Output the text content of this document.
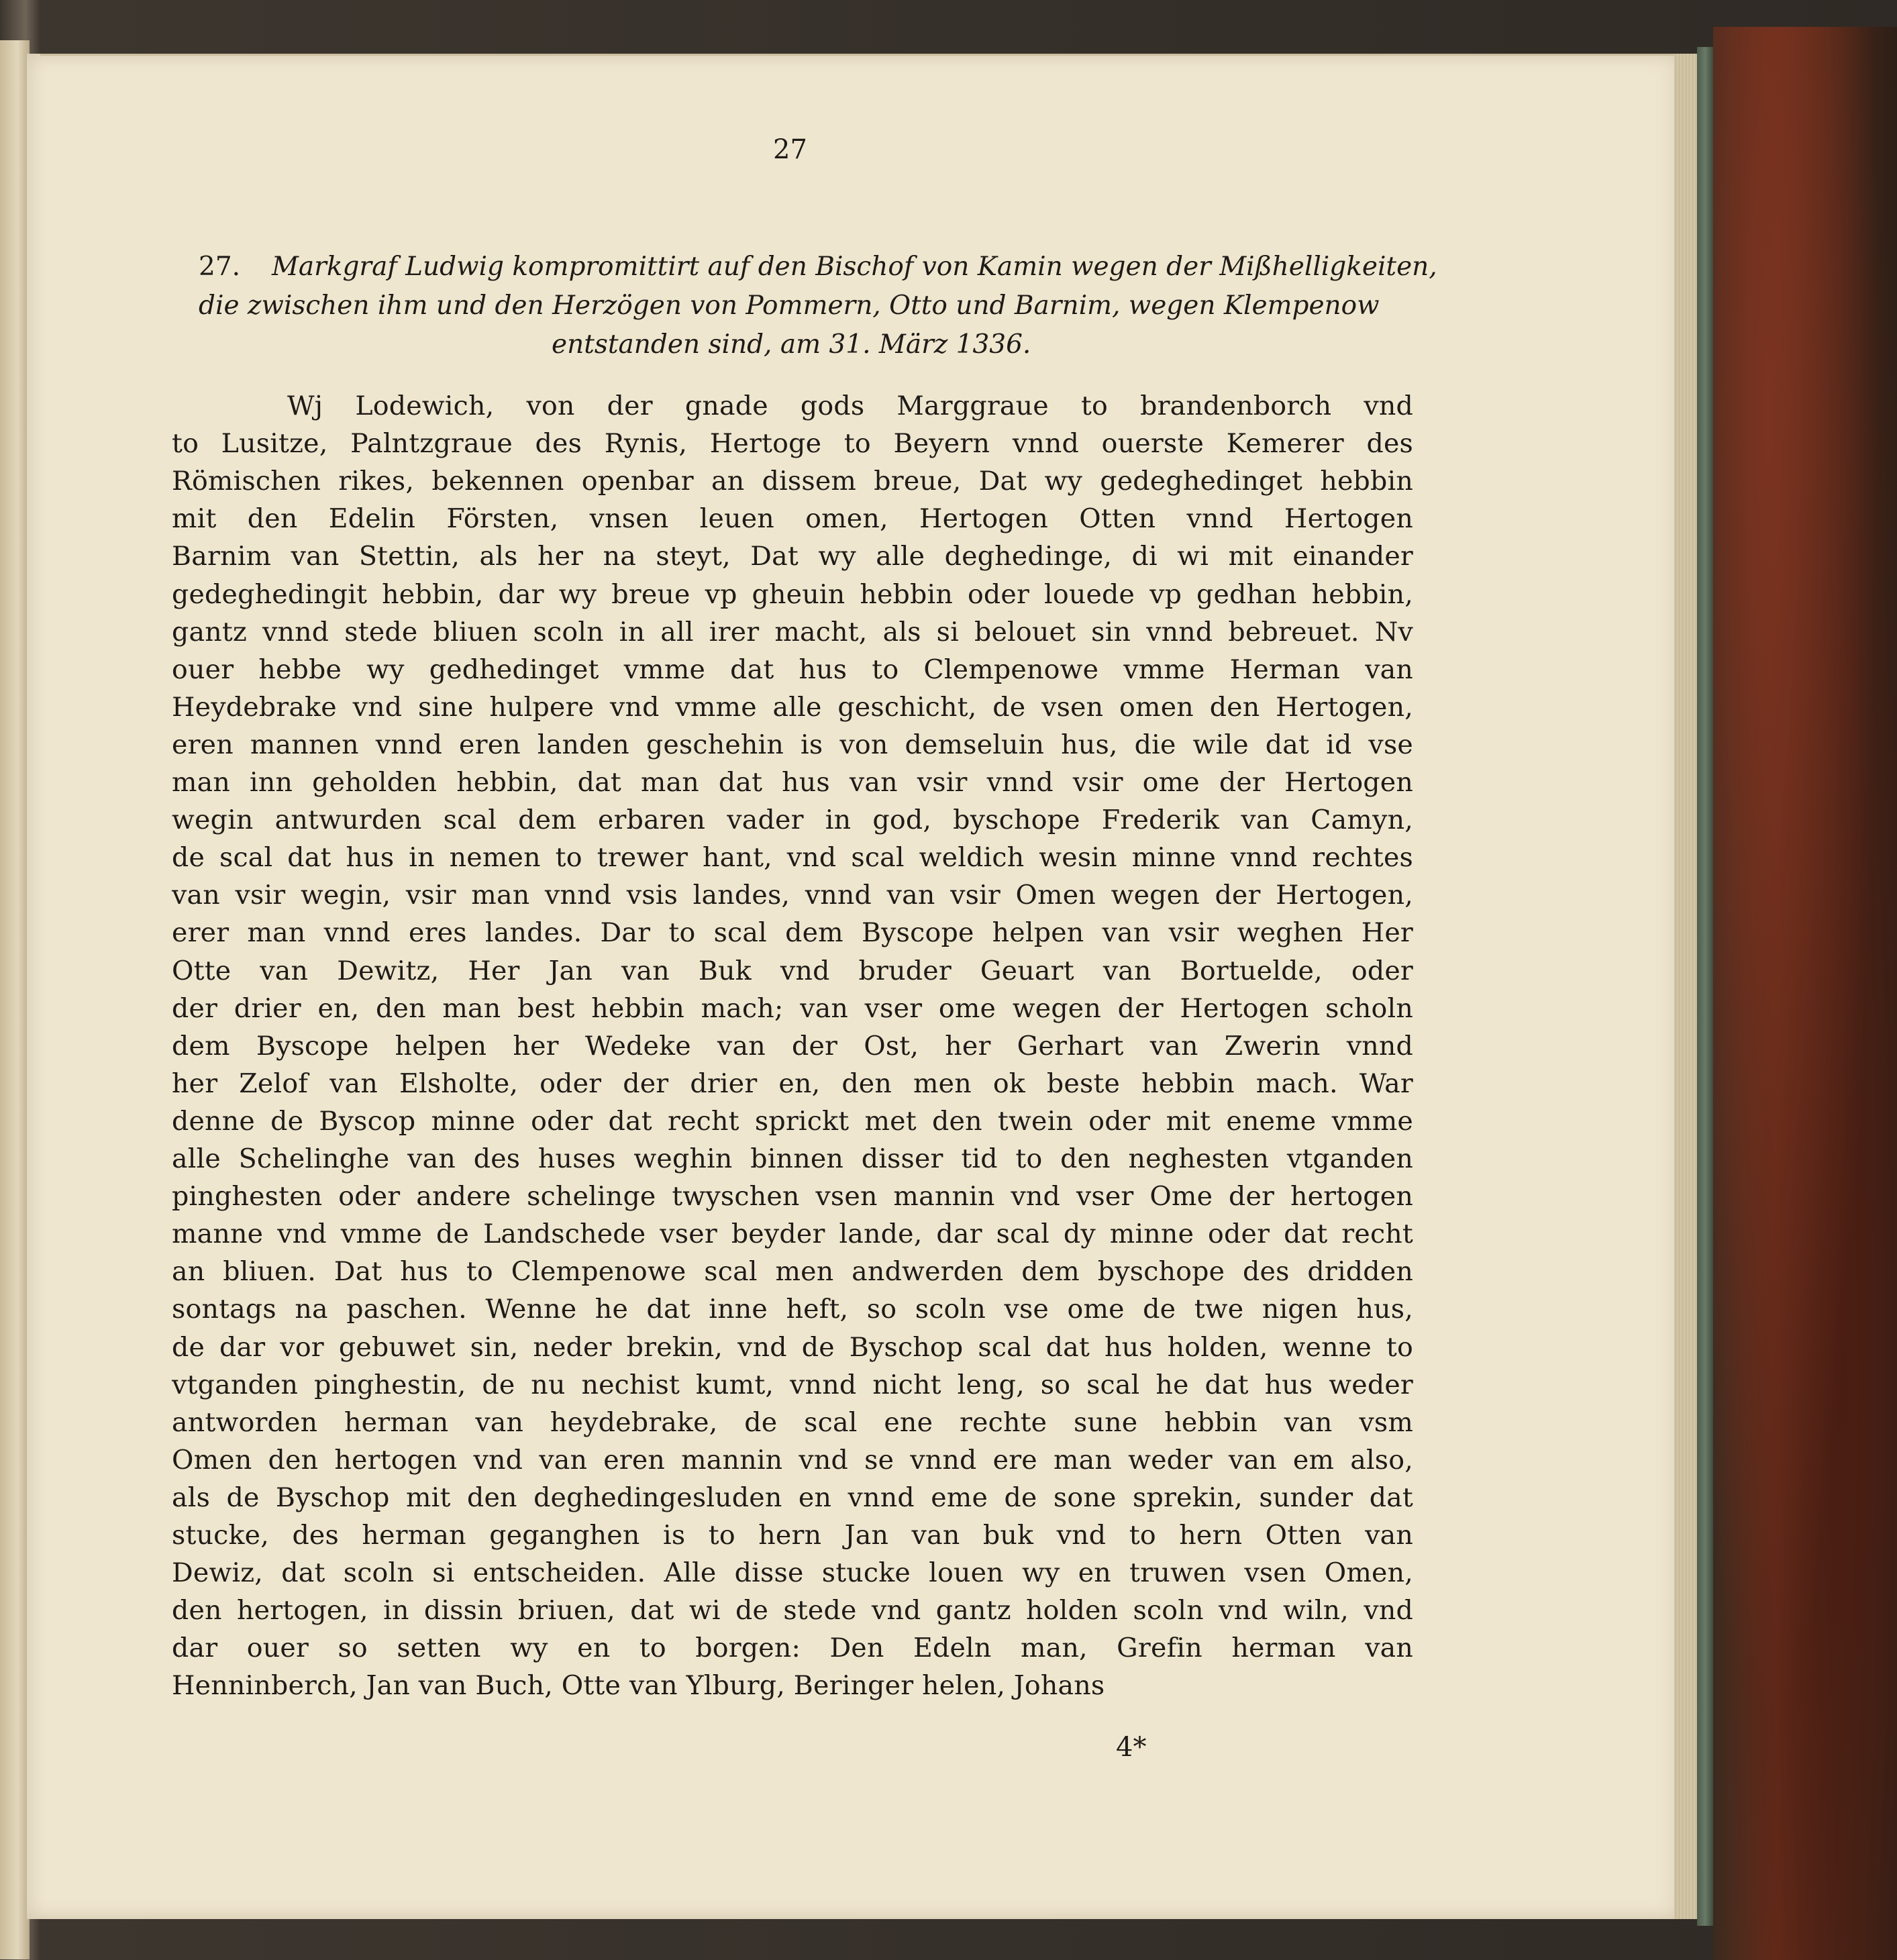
27
27. Markgraf Ludwig kompromittirt auf den Bischof von Kamin wegen der Mißhelligkeiten,
die zwischen ihm und den Herzögen von Pommern, Otto und Barnim, wegen Klempenow
entstanden sind, am 31. März 1336.
Wj Lodewich, von der gnade gods Marggraue to brandenborch vnd
to Lusitze, Palntzgraue des Rynis, Hertoge to Beyern vnnd ouerste Kemerer des
Römischen rikes, bekennen openbar an dissem breue, Dat wy gedeghedinget hebbin
mit den Edelin Försten, vnsen leuen omen, Hertogen Otten vnnd Hertogen
Barnim van Stettin, als her na steyt, Dat wy alle deghedinge, di wi mit einander
gedeghedingit hebbin, dar wy breue vp gheuin hebbin oder louede vp gedhan hebbin,
gantz vnnd stede bliuen scoln in all irer macht, als si belouet sin vnnd bebreuet. Nv
ouer hebbe wy gedhedinget vmme dat hus to Clempenowe vmme Herman van
Heydebrake vnd sine hulpere vnd vmme alle geschicht, de vsen omen den Hertogen,
eren mannen vnnd eren landen geschehin is von demseluin hus, die wile dat id vse
man inn geholden hebbin, dat man dat hus van vsir vnnd vsir ome der Hertogen
wegin antwurden scal dem erbaren vader in god, byschope Frederik van Camyn,
de scal dat hus in nemen to trewer hant, vnd scal weldich wesin minne vnnd rechtes
van vsir wegin, vsir man vnnd vsis landes, vnnd van vsir Omen wegen der Hertogen,
erer man vnnd eres landes. Dar to scal dem Byscope helpen van vsir weghen Her
Otte van Dewitz, Her Jan van Buk vnd bruder Geuart van Bortuelde, oder
der drier en, den man best hebbin mach; van vser ome wegen der Hertogen scholn
dem Byscope helpen her Wedeke van der Ost, her Gerhart van Zwerin vnnd
her Zelof van Elsholte, oder der drier en, den men ok beste hebbin mach. War
denne de Byscop minne oder dat recht sprickt met den twein oder mit eneme vmme
alle Schelinghe van des huses weghin binnen disser tid to den neghesten vtganden
pinghesten oder andere schelinge twyschen vsen mannin vnd vser Ome der hertogen
manne vnd vmme de Landschede vser beyder lande, dar scal dy minne oder dat recht
an bliuen. Dat hus to Clempenowe scal men andwerden dem byschope des dridden
sontags na paschen. Wenne he dat inne heft, so scoln vse ome de twe nigen hus,
de dar vor gebuwet sin, neder brekin, vnd de Byschop scal dat hus holden, wenne to
vtganden pinghestin, de nu nechist kumt, vnnd nicht leng, so scal he dat hus weder
antworden herman van heydebrake, de scal ene rechte sune hebbin van vsm
Omen den hertogen vnd van eren mannin vnd se vnnd ere man weder van em also,
als de Byschop mit den deghedingesluden en vnnd eme de sone sprekin, sunder dat
stucke, des herman geganghen is to hern Jan van buk vnd to hern Otten van
Dewiz, dat scoln si entscheiden. Alle disse stucke louen wy en truwen vsen Omen,
den hertogen, in dissin briuen, dat wi de stede vnd gantz holden scoln vnd wiln, vnd
dar ouer so setten wy en to borgen: Den Edeln man, Grefin herman van
Henninberch, Jan van Buch, Otte van Ylburg, Beringer helen, Johans
4*
